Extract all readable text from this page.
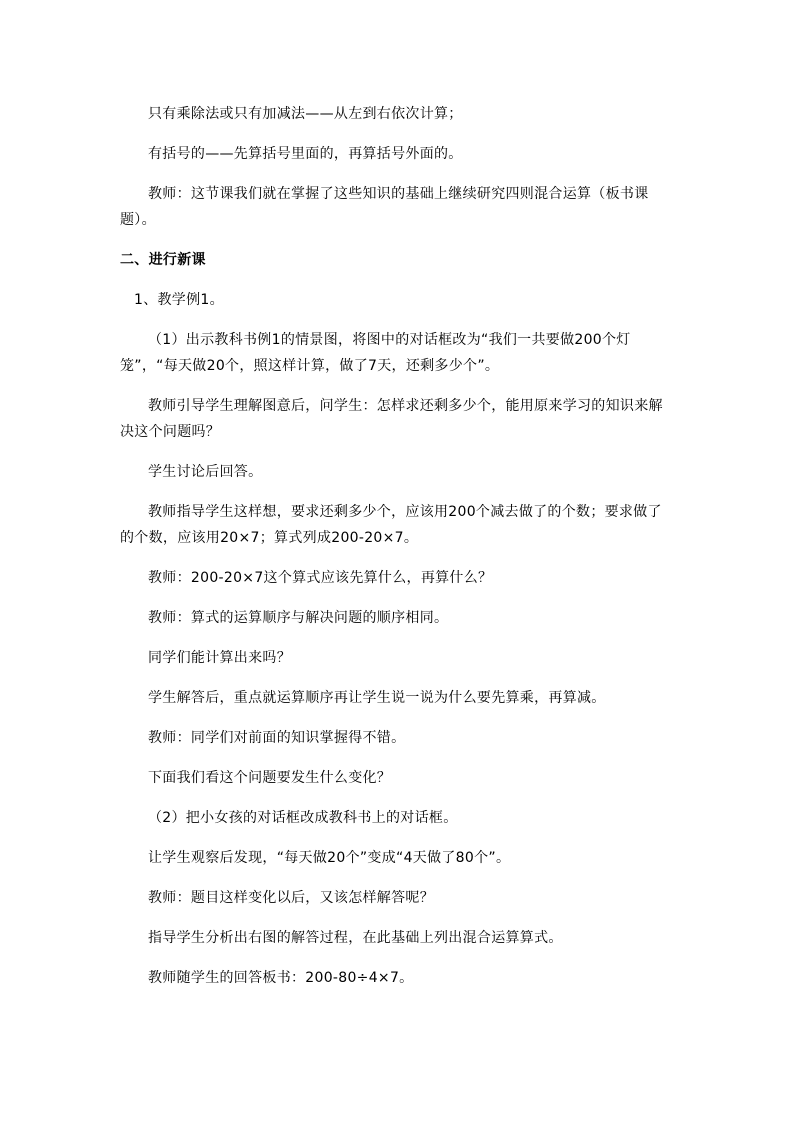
只有乘除法或只有加减法——从左到右依次计算；

有括号的——先算括号里面的，再算括号外面的。

教师：这节课我们就在掌握了这些知识的基础上继续研究四则混合运算（板书课题）。

二、进行新课

1、教学例1。

（1）出示教科书例1的情景图，将图中的对话框改为“我们一共要做200个灯笼”，“每天做20个，照这样计算，做了7天，还剩多少个”。

教师引导学生理解图意后，问学生：怎样求还剩多少个，能用原来学习的知识来解决这个问题吗？

学生讨论后回答。

教师指导学生这样想，要求还剩多少个，应该用200个减去做了的个数；要求做了的个数，应该用20×7；算式列成200-20×7。

教师：200-20×7这个算式应该先算什么，再算什么？

教师：算式的运算顺序与解决问题的顺序相同。

同学们能计算出来吗？

学生解答后，重点就运算顺序再让学生说一说为什么要先算乘，再算减。

教师：同学们对前面的知识掌握得不错。

下面我们看这个问题要发生什么变化？

（2）把小女孩的对话框改成教科书上的对话框。

让学生观察后发现，“每天做20个”变成“4天做了80个”。

教师：题目这样变化以后，又该怎样解答呢？

指导学生分析出右图的解答过程，在此基础上列出混合运算算式。

教师随学生的回答板书：200-80÷4×7。
